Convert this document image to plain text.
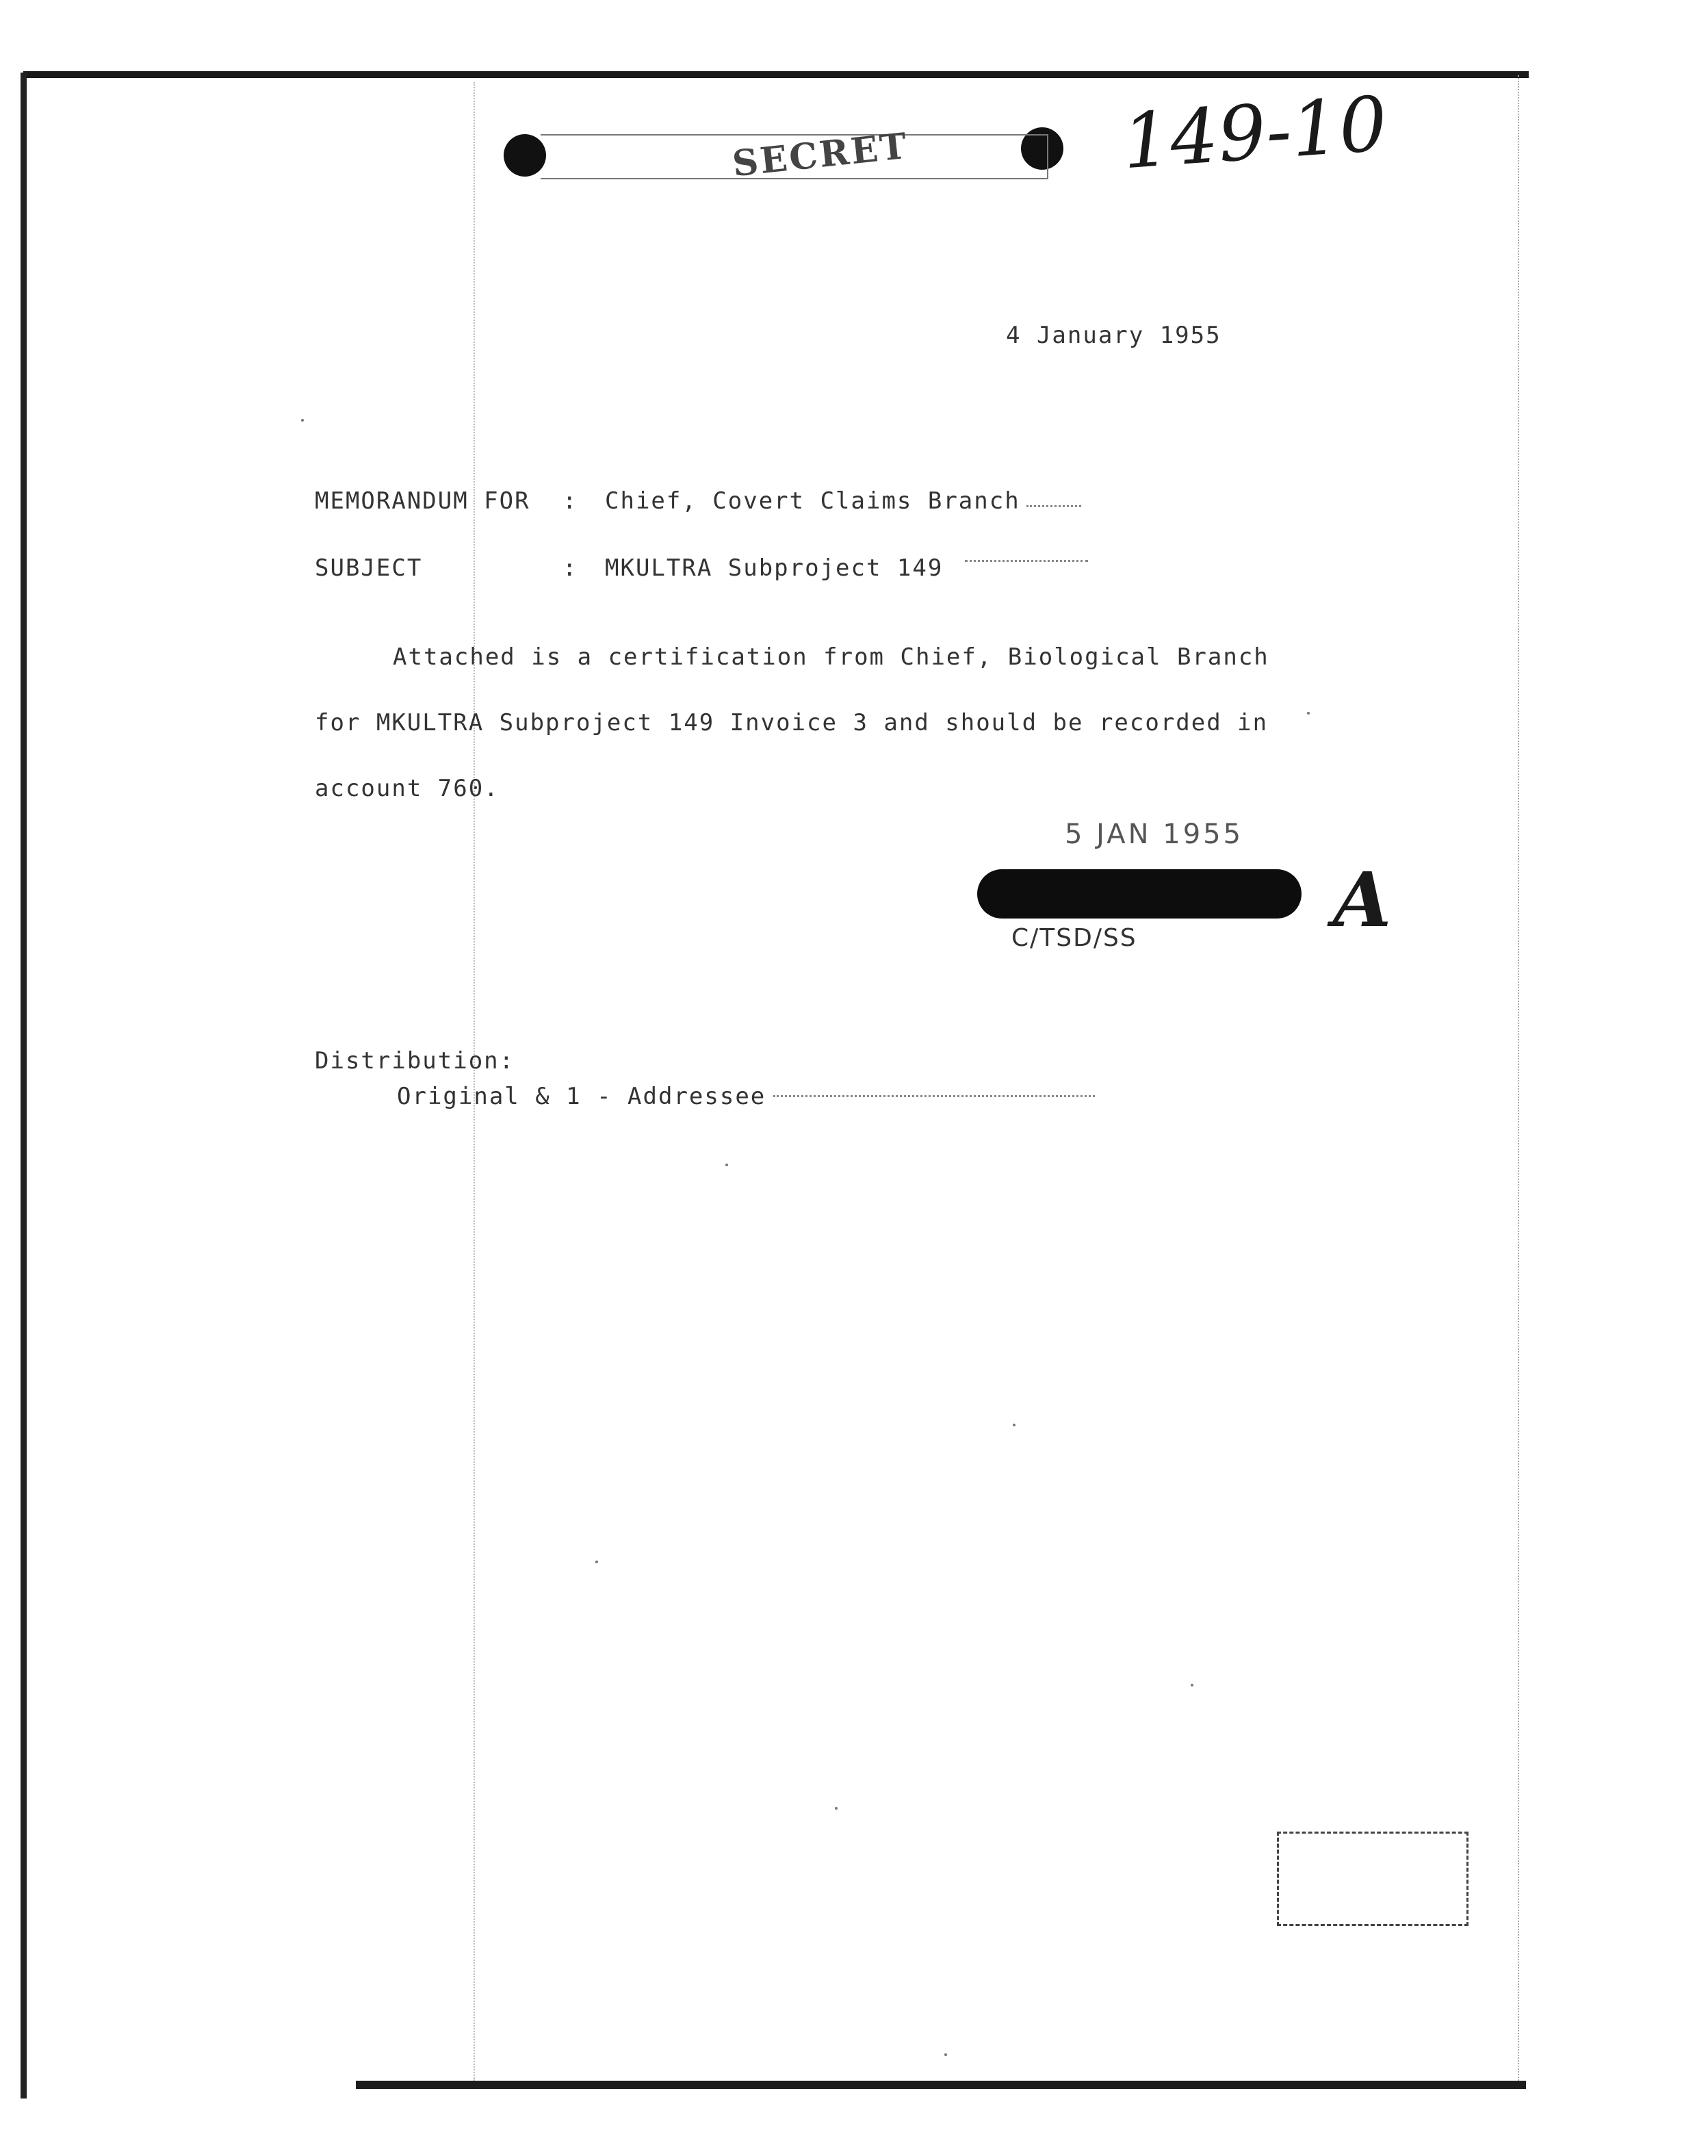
SECRET	149-10
4 January 1955
MEMORANDUM FOR : Chief, Covert Claims Branch
SUBJECT	: MKULTRA Subproject 149
Attached is a certification from Chief, Biological Branch
for MKULTRA Subproject 149 Invoice 3 and should be recorded in
account 760.
5 JAN 1955
A
C/TSD/SS
Distribution:
Original & 1 - Addressee
